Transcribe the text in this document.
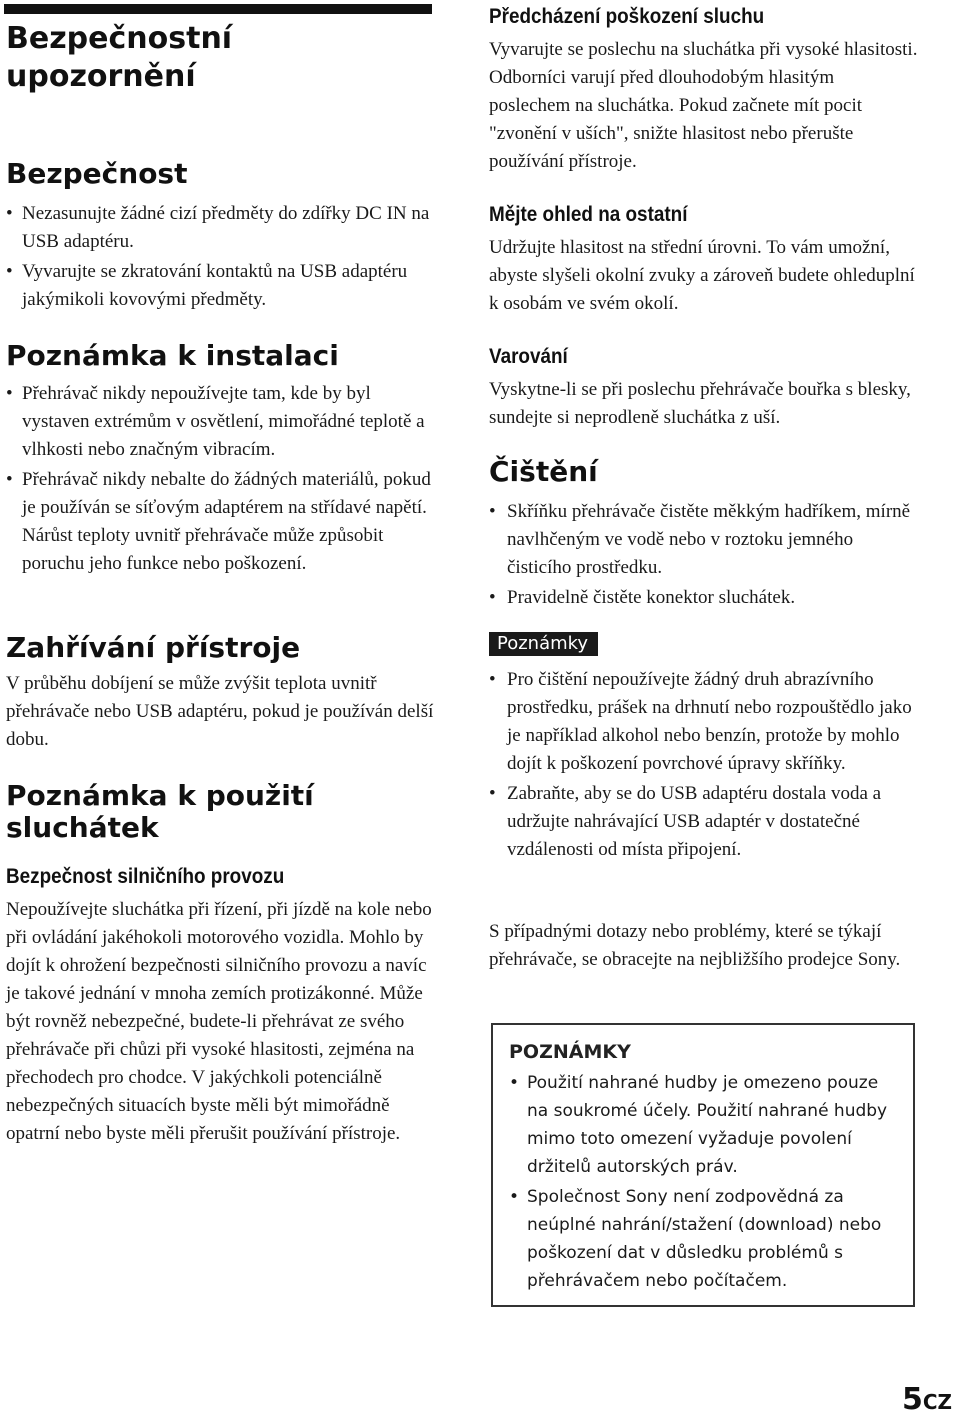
Bezpečnostní
upozornění
Bezpečnost
• Nezasunujte žádné cizí předměty do zdířky DC IN na USB adaptéru.
• Vyvarujte se zkratování kontaktů na USB adaptéru jakýmikoli kovovými předměty.
Poznámka k instalaci
• Přehrávač nikdy nepoužívejte tam, kde by byl vystaven extrémům v osvětlení, mimořádné teplotě a vlhkosti nebo značným vibracím.
• Přehrávač nikdy nebalte do žádných materiálů, pokud je používán se síťovým adaptérem na střídavé napětí. Nárůst teploty uvnitř přehrávače může způsobit poruchu jeho funkce nebo poškození.
Zahřívání přístroje

V průběhu dobíjení se může zvýšit teplota uvnitř přehrávače nebo USB adaptéru, pokud je používán delší dobu.

Poznámka k použití
sluchátek
Bezpečnost silničního provozu

Nepoužívejte sluchátka při řízení, při jízdě na kole nebo při ovládání jakéhokoli motorového vozidla. Mohlo by dojít k ohrožení bezpečnosti silničního provozu a navíc je takové jednání v mnoha zemích protizákonné. Může být rovněž nebezpečné, budete-li přehrávat ze svého přehrávače při chůzi při vysoké hlasitosti, zejména na přechodech pro chodce. V jakýchkoli potenciálně nebezpečných situacích byste měli být mimořádně opatrní nebo byste měli přerušit používání přístroje.

Předcházení poškození sluchu

Vyvarujte se poslechu na sluchátka při vysoké hlasitosti. Odborníci varují před dlouhodobým hlasitým poslechem na sluchátka. Pokud začnete mít pocit "zvonění v uších", snižte hlasitost nebo přerušte používání přístroje.

Mějte ohled na ostatní

Udržujte hlasitost na střední úrovni. To vám umožní, abyste slyšeli okolní zvuky a zároveň budete ohleduplní k osobám ve svém okolí.

Varování

Vyskytne-li se při poslechu přehrávače bouřka s blesky, sundejte si neprodleně sluchátka z uší.

Čištění
• Skříňku přehrávače čistěte měkkým hadříkem, mírně navlhčeným ve vodě nebo v roztoku jemného čisticího prostředku.
• Pravidelně čistěte konektor sluchátek.
Poznámky
• Pro čištění nepoužívejte žádný druh abrazívního prostředku, prášek na drhnutí nebo rozpouštědlo jako je například alkohol nebo benzín, protože by mohlo dojít k poškození povrchové úpravy skříňky.
• Zabraňte, aby se do USB adaptéru dostala voda a udržujte nahrávající USB adaptér v dostatečné vzdálenosti od místa připojení.

S případnými dotazy nebo problémy, které se týkají přehrávače, se obracejte na nejbližšího prodejce Sony.

POZNÁMKY
• Použití nahrané hudby je omezeno pouze na soukromé účely. Použití nahrané hudby mimo toto omezení vyžaduje povolení držitelů autorských práv.
• Společnost Sony není zodpovědná za neúplné nahrání/stažení (download) nebo poškození dat v důsledku problémů s přehrávačem nebo počítačem.
5CZ
